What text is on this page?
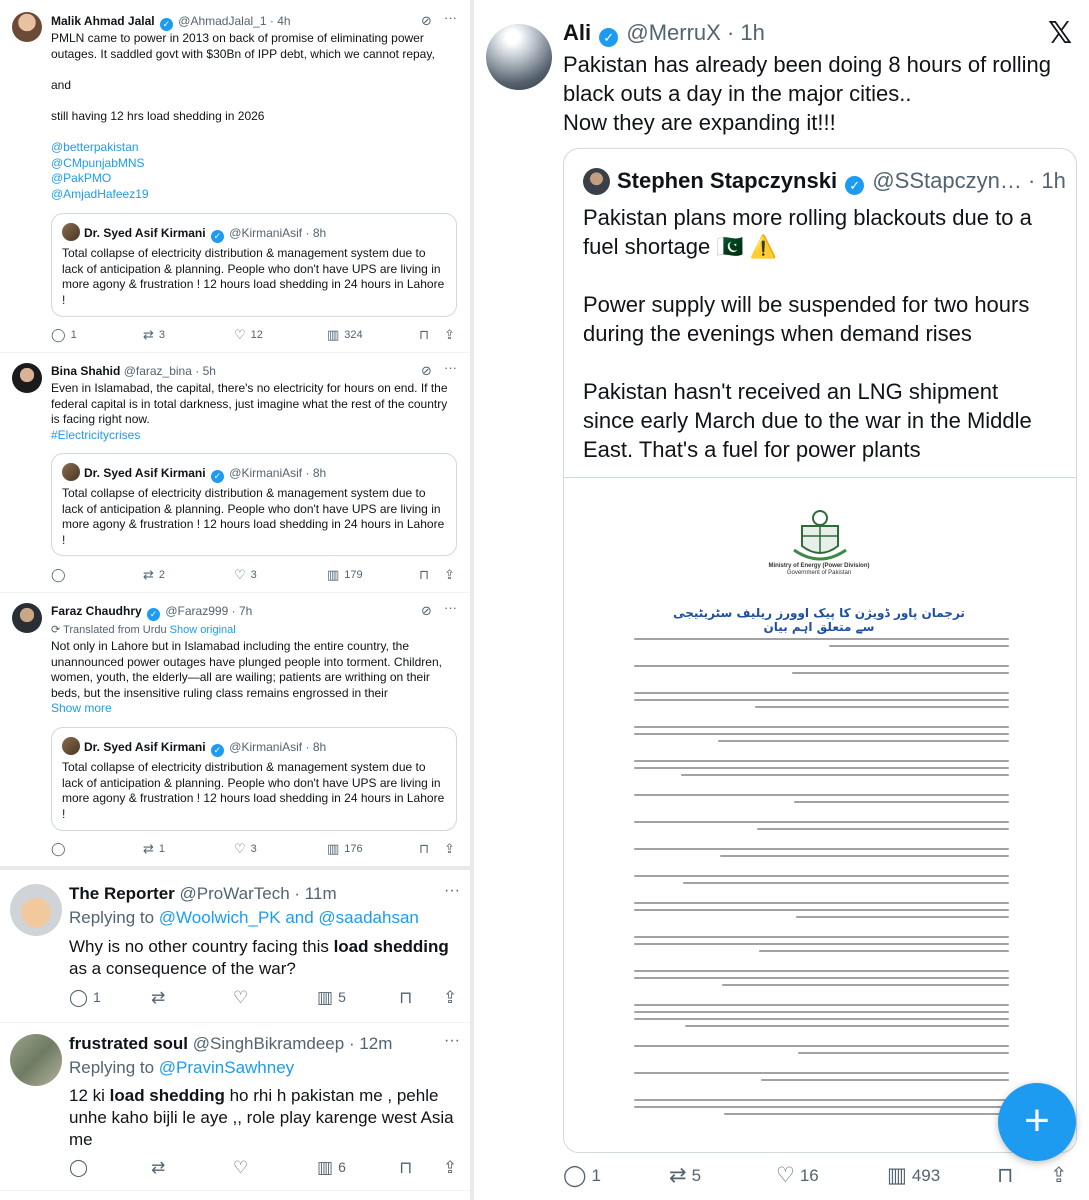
Malik Ahmad Jalal ✓ @AhmadJalal_1 · 4h	⊘ ···
PMLN came to power in 2013 on back of promise of eliminating power
outages. It saddled govt with $30Bn of IPP debt, which we cannot repay,
and
still having 12 hrs load shedding in 2026
@betterpakistan
@CMpunjabMNS
@PakPMO
@AmjadHafeez19
Dr. Syed Asif Kirmani ✓ @KirmaniAsif · 8h
Total collapse of electricity distribution & management system due to
lack of anticipation & planning. People who don't have UPS are living in
more agony & frustration ! 12 hours load shedding in 24 hours in Lahore
!
◯ 1	⇄ 3	♡ 12	▥ 324	⊓	⇪
Bina Shahid @faraz_bina · 5h	⊘ ···
Even in Islamabad, the capital, there's no electricity for hours on end. If the
federal capital is in total darkness, just imagine what the rest of the country
is facing right now.
#Electricitycrises
Dr. Syed Asif Kirmani ✓ @KirmaniAsif · 8h
Total collapse of electricity distribution & management system due to
lack of anticipation & planning. People who don't have UPS are living in
more agony & frustration ! 12 hours load shedding in 24 hours in Lahore
!
◯	⇄ 2	♡ 3	▥ 179	⊓	⇪
Faraz Chaudhry ✓ @Faraz999 · 7h	⊘ ···
⟳ Translated from Urdu Show original
Not only in Lahore but in Islamabad including the entire country, the
unannounced power outages have plunged people into torment. Children,
women, youth, the elderly—all are wailing; patients are writhing on their
beds, but the insensitive ruling class remains engrossed in their
Show more
Dr. Syed Asif Kirmani ✓ @KirmaniAsif · 8h
Total collapse of electricity distribution & management system due to
lack of anticipation & planning. People who don't have UPS are living in
more agony & frustration ! 12 hours load shedding in 24 hours in Lahore
!
◯	⇄ 1	♡ 3	▥ 176	⊓	⇪
The Reporter @ProWarTech · 11m	···
Replying to @Woolwich_PK and @saadahsan
Why is no other country facing this load shedding
as a consequence of the war?
◯ 1	⇄	♡	▥ 5	⊓ ⇪
frustrated soul @SinghBikramdeep · 12m	···
Replying to @PravinSawhney
12 ki load shedding ho rhi h pakistan me , pehle
unhe kaho bijli le aye ,, role play karenge west Asia
me
◯	⇄	♡	▥ 6	⊓ ⇪
Ali ✓ @MerruX · 1h	𝕏
Pakistan has already been doing 8 hours of rolling
black outs a day in the major cities..
Now they are expanding it!!!
Stephen Stapczynski ✓ @SStapczyn… · 1h
Pakistan plans more rolling blackouts due to a
fuel shortage 🇵🇰 ⚠️
Power supply will be suspended for two hours
during the evenings when demand rises
Pakistan hasn't received an LNG shipment
since early March due to the war in the Middle
East. That's a fuel for power plants
Ministry of Energy (Power Division)
Government of Pakistan
ترجمان پاور ڈویژن کا پیک اوورز ریلیف سٹریٹیجی سے متعلق اہم بیان
◯ 1	⇄ 5	♡ 16	▥ 493	⊓ ⇪
+
